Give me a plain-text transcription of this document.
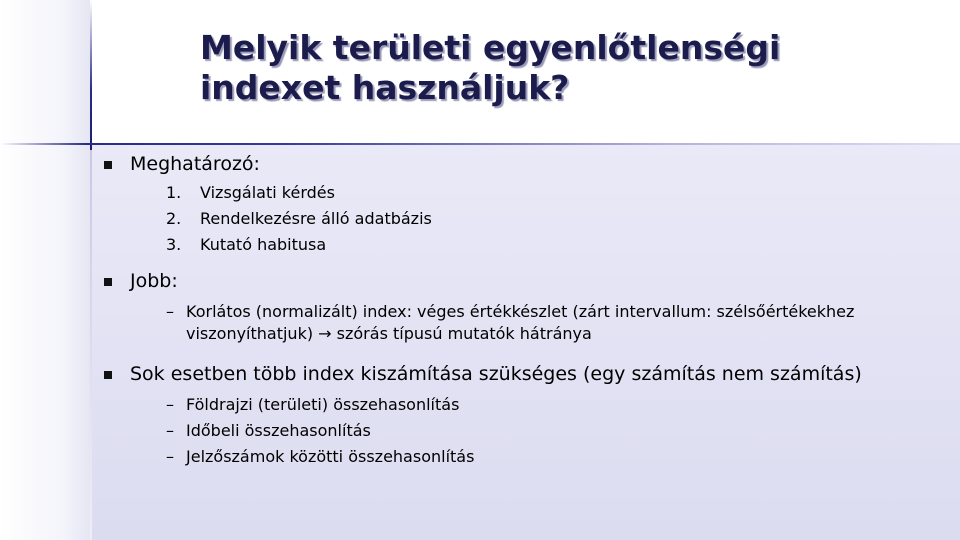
Melyik területi egyenlőtlenségi
indexet használjuk?
Meghatározó:
1.	Vizsgálati kérdés
2.	Rendelkezésre álló adatbázis
3.	Kutató habitusa
Jobb:
– Korlátos (normalizált) index: véges értékkészlet (zárt intervallum: szélsőértékekhez viszonyíthatjuk) → szórás típusú mutatók hátránya
Sok esetben több index kiszámítása szükséges (egy számítás nem számítás)
– Földrajzi (területi) összehasonlítás
– Időbeli összehasonlítás
– Jelzőszámok közötti összehasonlítás
